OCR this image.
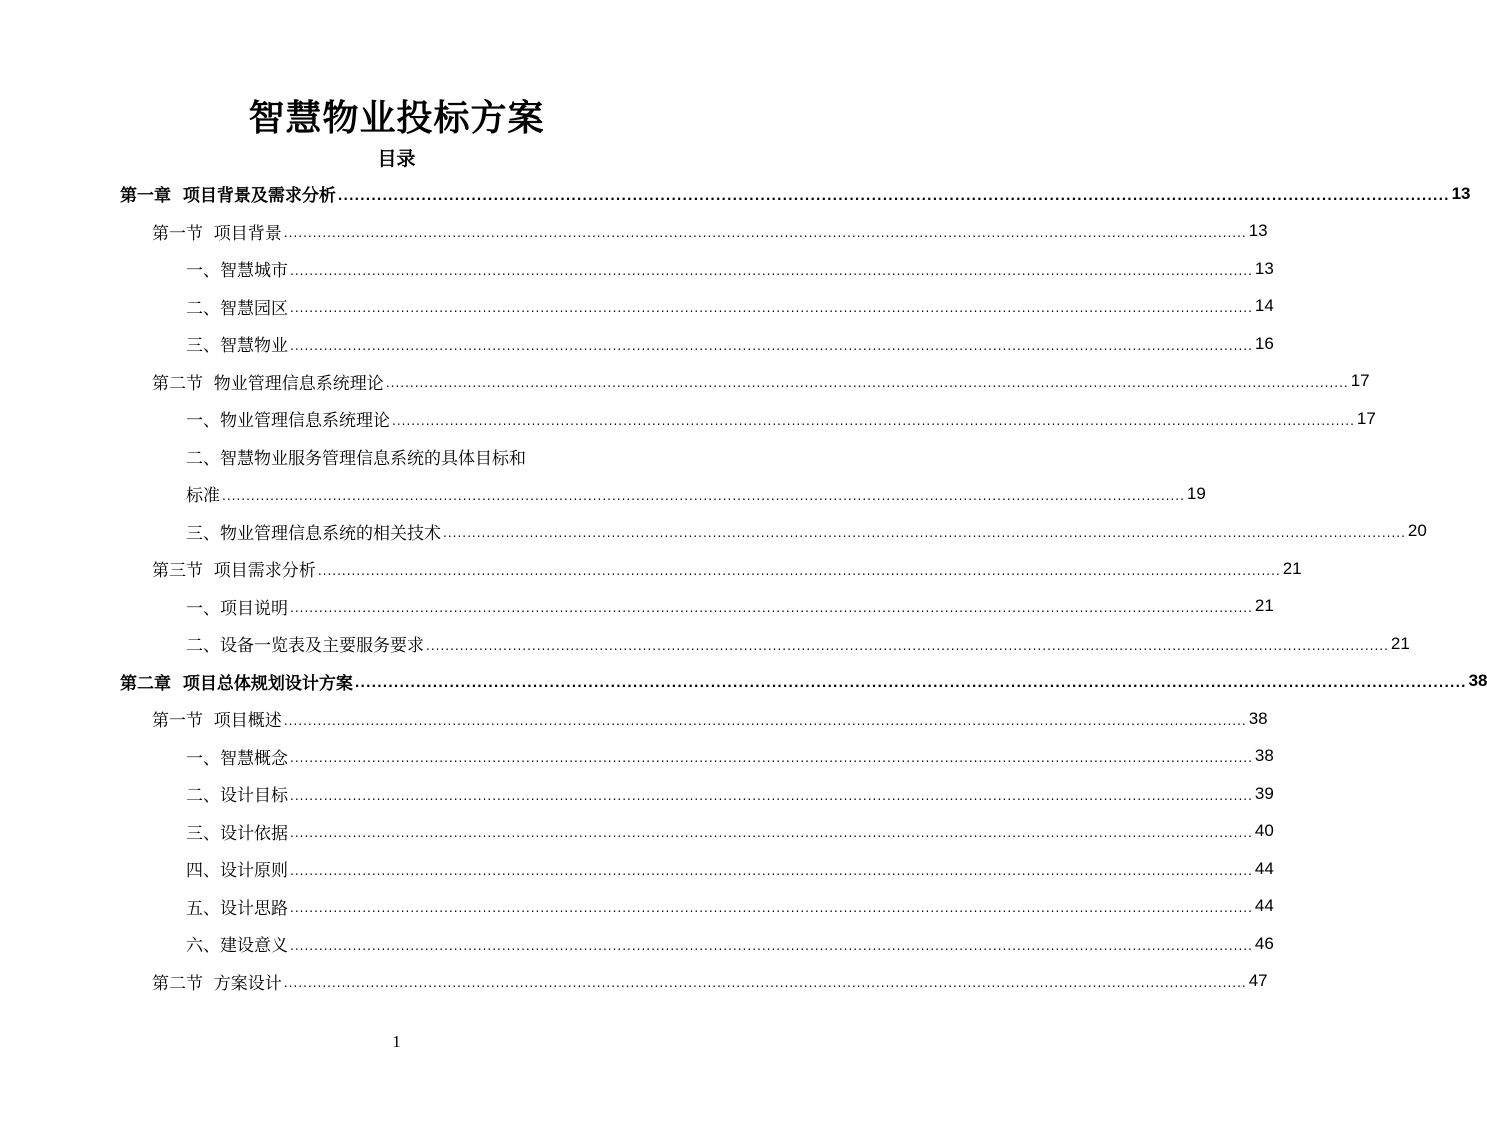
智慧物业投标方案
目录
第一章  项目背景及需求分析 ........................................................................................................................................................................................................ 13
第一节  项目背景 ........................................................................................................................................................................................................ 13
一、智慧城市 ........................................................................................................................................................................................................ 13
二、智慧园区 ........................................................................................................................................................................................................ 14
三、智慧物业 ........................................................................................................................................................................................................ 16
第二节  物业管理信息系统理论 ........................................................................................................................................................................................................ 17
一、物业管理信息系统理论 ........................................................................................................................................................................................................ 17
二、智慧物业服务管理信息系统的具体目标和
标准 ........................................................................................................................................................................................................ 19
三、物业管理信息系统的相关技术 ........................................................................................................................................................................................................ 20
第三节  项目需求分析 ........................................................................................................................................................................................................ 21
一、项目说明 ........................................................................................................................................................................................................ 21
二、设备一览表及主要服务要求 ........................................................................................................................................................................................................ 21
第二章  项目总体规划设计方案 ........................................................................................................................................................................................................ 38
第一节  项目概述 ........................................................................................................................................................................................................ 38
一、智慧概念 ........................................................................................................................................................................................................ 38
二、设计目标 ........................................................................................................................................................................................................ 39
三、设计依据 ........................................................................................................................................................................................................ 40
四、设计原则 ........................................................................................................................................................................................................ 44
五、设计思路 ........................................................................................................................................................................................................ 44
六、建设意义 ........................................................................................................................................................................................................ 46
第二节  方案设计 ........................................................................................................................................................................................................ 47
1
